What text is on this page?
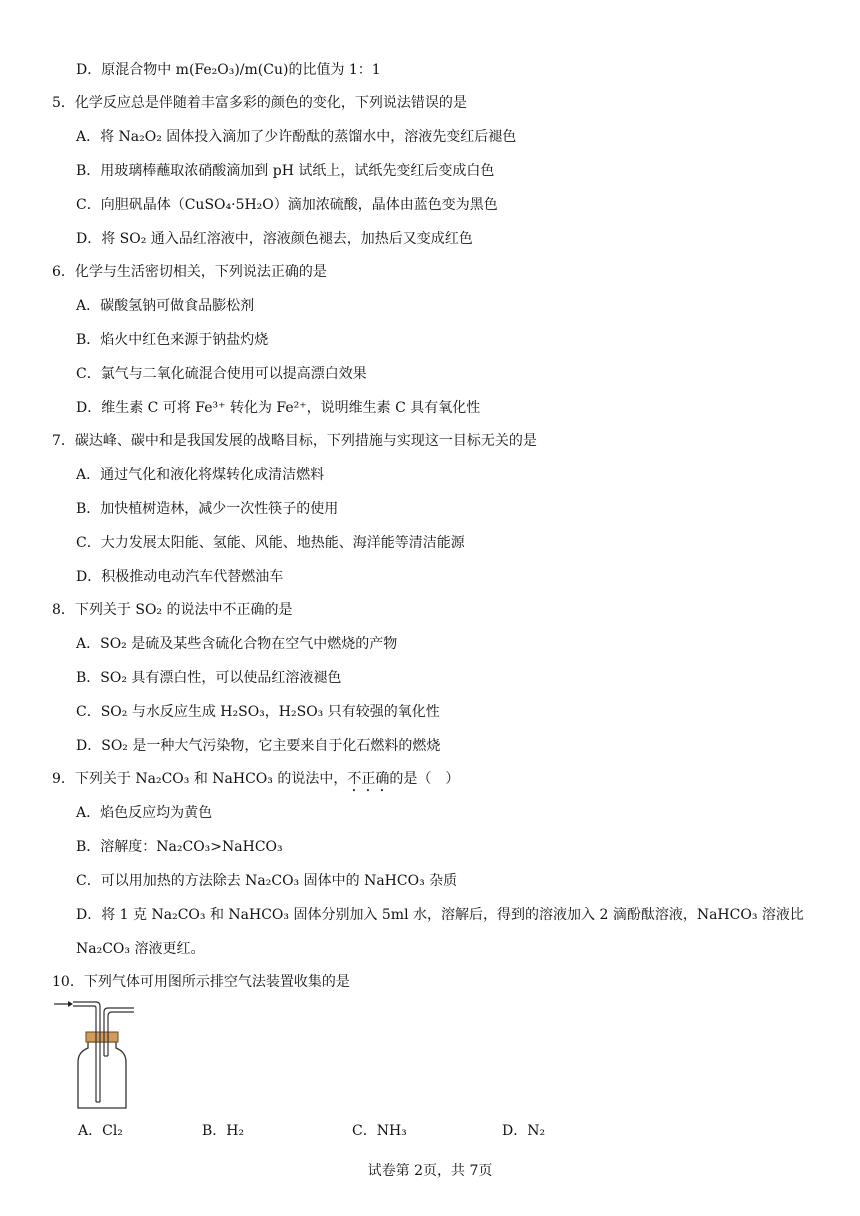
D．原混合物中 m(Fe₂O₃)/m(Cu)的比值为 1：1
5．化学反应总是伴随着丰富多彩的颜色的变化，下列说法错误的是
A．将 Na₂O₂ 固体投入滴加了少许酚酞的蒸馏水中，溶液先变红后褪色
B．用玻璃棒蘸取浓硝酸滴加到 pH 试纸上，试纸先变红后变成白色
C．向胆矾晶体（CuSO₄·5H₂O）滴加浓硫酸，晶体由蓝色变为黑色
D．将 SO₂ 通入品红溶液中，溶液颜色褪去，加热后又变成红色
6．化学与生活密切相关，下列说法正确的是
A．碳酸氢钠可做食品膨松剂
B．焰火中红色来源于钠盐灼烧
C．氯气与二氧化硫混合使用可以提高漂白效果
D．维生素 C 可将 Fe³⁺ 转化为 Fe²⁺，说明维生素 C 具有氧化性
7．碳达峰、碳中和是我国发展的战略目标，下列措施与实现这一目标无关的是
A．通过气化和液化将煤转化成清洁燃料
B．加快植树造林，减少一次性筷子的使用
C．大力发展太阳能、氢能、风能、地热能、海洋能等清洁能源
D．积极推动电动汽车代替燃油车
8．下列关于 SO₂ 的说法中不正确的是
A．SO₂ 是硫及某些含硫化合物在空气中燃烧的产物
B．SO₂ 具有漂白性，可以使品红溶液褪色
C．SO₂ 与水反应生成 H₂SO₃，H₂SO₃ 只有较强的氧化性
D．SO₂ 是一种大气污染物，它主要来自于化石燃料的燃烧
9．下列关于 Na₂CO₃ 和 NaHCO₃ 的说法中，不正确的是（　）
A．焰色反应均为黄色
B．溶解度：Na₂CO₃>NaHCO₃
C．可以用加热的方法除去 Na₂CO₃ 固体中的 NaHCO₃ 杂质
D．将 1 克 Na₂CO₃ 和 NaHCO₃ 固体分别加入 5ml 水，溶解后，得到的溶液加入 2 滴酚酞溶液，NaHCO₃ 溶液比
Na₂CO₃ 溶液更红。
10．下列气体可用图所示排空气法装置收集的是
A．Cl₂	B．H₂	C．NH₃	D．N₂
试卷第 2页，共 7页
